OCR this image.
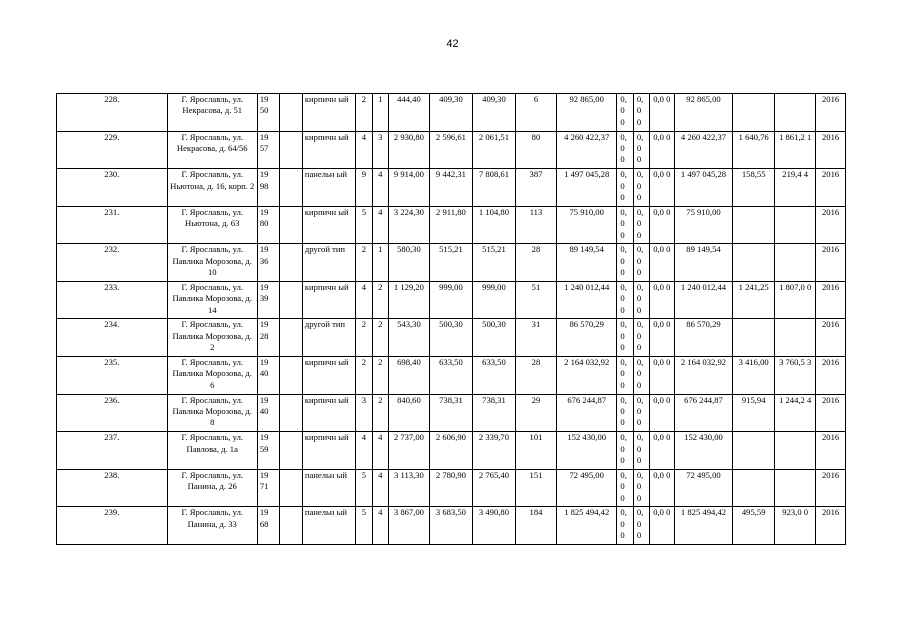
42
228.	Г. Ярославль, ул. Некрасова, д. 51	19 50		кирпичн ый	2	1	444,40	409,30	409,30	6	92 865,00	0, 0 0	0, 0 0	0,0 0	92 865,00			2016
229.	Г. Ярославль, ул. Некрасова, д. 64/56	19 57		кирпичн ый	4	3	2 930,80	2 596,61	2 061,51	80	4 260 422,37	0, 0 0	0, 0 0	0,0 0	4 260 422,37	1 640,76	1 861,2 1	2016
230.	Г. Ярославль, ул. Ньютона, д. 16, корп. 2	19 98		панельн ый	9	4	9 914,00	9 442,31	7 808,61	387	1 497 045,28	0, 0 0	0, 0 0	0,0 0	1 497 045,28	158,55	219,4 4	2016
231.	Г. Ярославль, ул. Ньютона, д. 63	19 80		кирпичн ый	5	4	3 224,30	2 911,80	1 104,80	113	75 910,00	0, 0 0	0, 0 0	0,0 0	75 910,00			2016
232.	Г. Ярославль, ул. Павлика Морозова, д. 10	19 36		другой тип	2	1	580,30	515,21	515,21	28	89 149,54	0, 0 0	0, 0 0	0,0 0	89 149,54			2016
233.	Г. Ярославль, ул. Павлика Морозова, д. 14	19 39		кирпичн ый	4	2	1 129,20	999,00	999,00	51	1 240 012,44	0, 0 0	0, 0 0	0,0 0	1 240 012,44	1 241,25	1 807,0 0	2016
234.	Г. Ярославль, ул. Павлика Морозова, д. 2	19 28		другой тип	2	2	543,30	500,30	500,30	31	86 570,29	0, 0 0	0, 0 0	0,0 0	86 570,29			2016
235.	Г. Ярославль, ул. Павлика Морозова, д. 6	19 40		кирпичн ый	2	2	698,40	633,50	633,50	28	2 164 032,92	0, 0 0	0, 0 0	0,0 0	2 164 032,92	3 416,00	3 760,5 3	2016
236.	Г. Ярославль, ул. Павлика Морозова, д. 8	19 40		кирпичн ый	3	2	840,60	738,31	738,31	29	676 244,87	0, 0 0	0, 0 0	0,0 0	676 244,87	915,94	1 244,2 4	2016
237.	Г. Ярославль, ул. Павлова, д. 1а	19 59		кирпичн ый	4	4	2 737,00	2 606,90	2 339,70	101	152 430,00	0, 0 0	0, 0 0	0,0 0	152 430,00			2016
238.	Г. Ярославль, ул. Панина, д. 26	19 71		панельн ый	5	4	3 113,30	2 780,90	2 765,40	151	72 495,00	0, 0 0	0, 0 0	0,0 0	72 495,00			2016
239.	Г. Ярославль, ул. Панина, д. 33	19 68		панельн ый	5	4	3 867,00	3 683,50	3 490,80	184	1 825 494,42	0, 0 0	0, 0 0	0,0 0	1 825 494,42	495,59	923,0 0	2016
